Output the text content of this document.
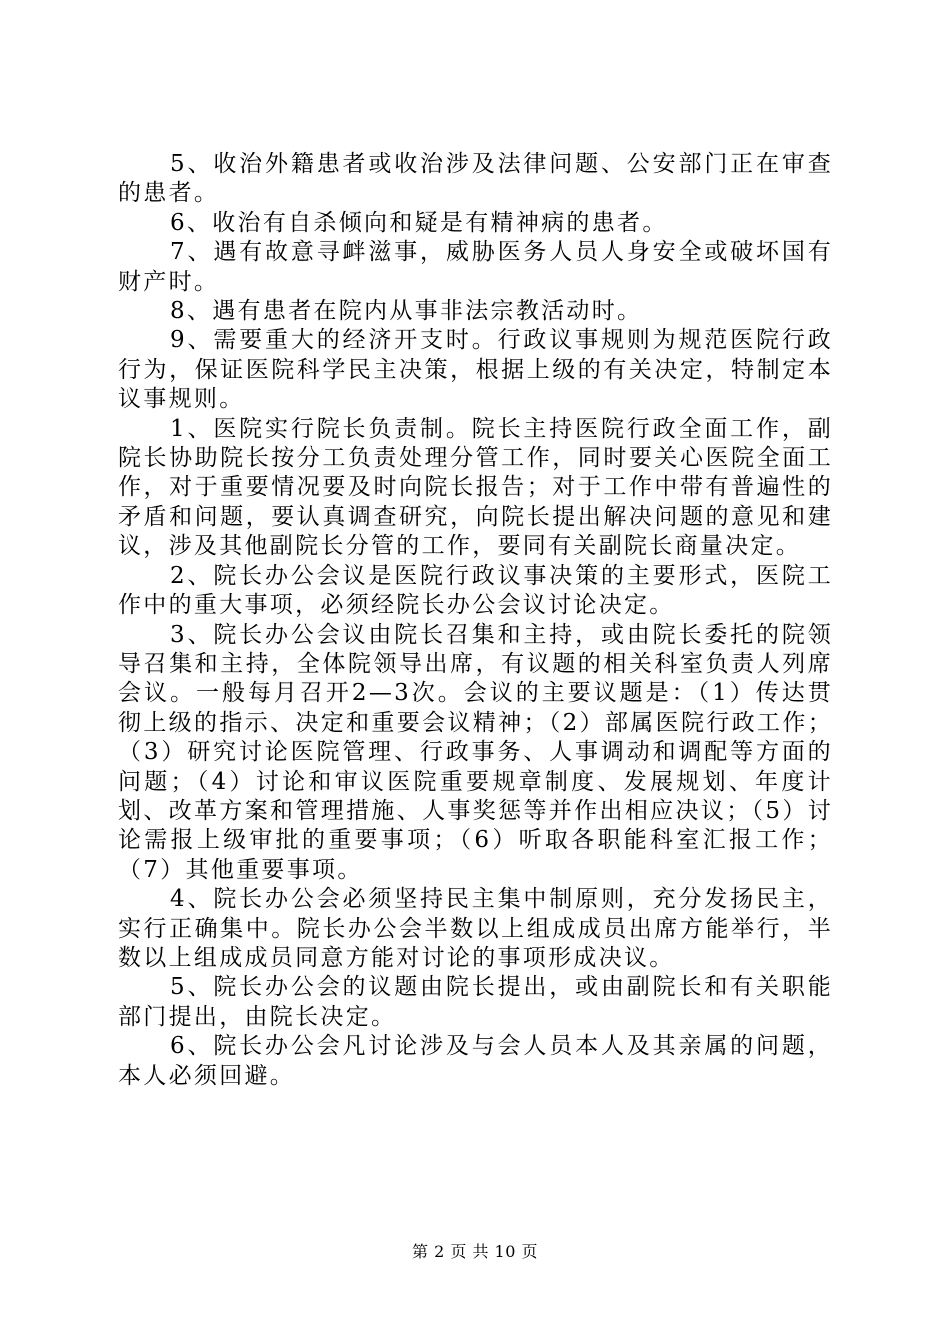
5、收治外籍患者或收治涉及法律问题、公安部门正在审查的患者。

6、收治有自杀倾向和疑是有精神病的患者。

7、遇有故意寻衅滋事，威胁医务人员人身安全或破坏国有财产时。

8、遇有患者在院内从事非法宗教活动时。

9、需要重大的经济开支时。行政议事规则为规范医院行政行为，保证医院科学民主决策，根据上级的有关决定，特制定本议事规则。

1、医院实行院长负责制。院长主持医院行政全面工作，副院长协助院长按分工负责处理分管工作，同时要关心医院全面工作，对于重要情况要及时向院长报告；对于工作中带有普遍性的矛盾和问题，要认真调查研究，向院长提出解决问题的意见和建议，涉及其他副院长分管的工作，要同有关副院长商量决定。

2、院长办公会议是医院行政议事决策的主要形式，医院工作中的重大事项，必须经院长办公会议讨论决定。

3、院长办公会议由院长召集和主持，或由院长委托的院领导召集和主持，全体院领导出席，有议题的相关科室负责人列席会议。一般每月召开2—3次。会议的主要议题是：（1）传达贯彻上级的指示、决定和重要会议精神；（2）部属医院行政工作；（3）研究讨论医院管理、行政事务、人事调动和调配等方面的问题；（4）讨论和审议医院重要规章制度、发展规划、年度计划、改革方案和管理措施、人事奖惩等并作出相应决议；（5）讨论需报上级审批的重要事项；（6）听取各职能科室汇报工作；（7）其他重要事项。

4、院长办公会必须坚持民主集中制原则，充分发扬民主，实行正确集中。院长办公会半数以上组成成员出席方能举行，半数以上组成成员同意方能对讨论的事项形成决议。

5、院长办公会的议题由院长提出，或由副院长和有关职能部门提出，由院长决定。

6、院长办公会凡讨论涉及与会人员本人及其亲属的问题，本人必须回避。

第 2 页 共 10 页
